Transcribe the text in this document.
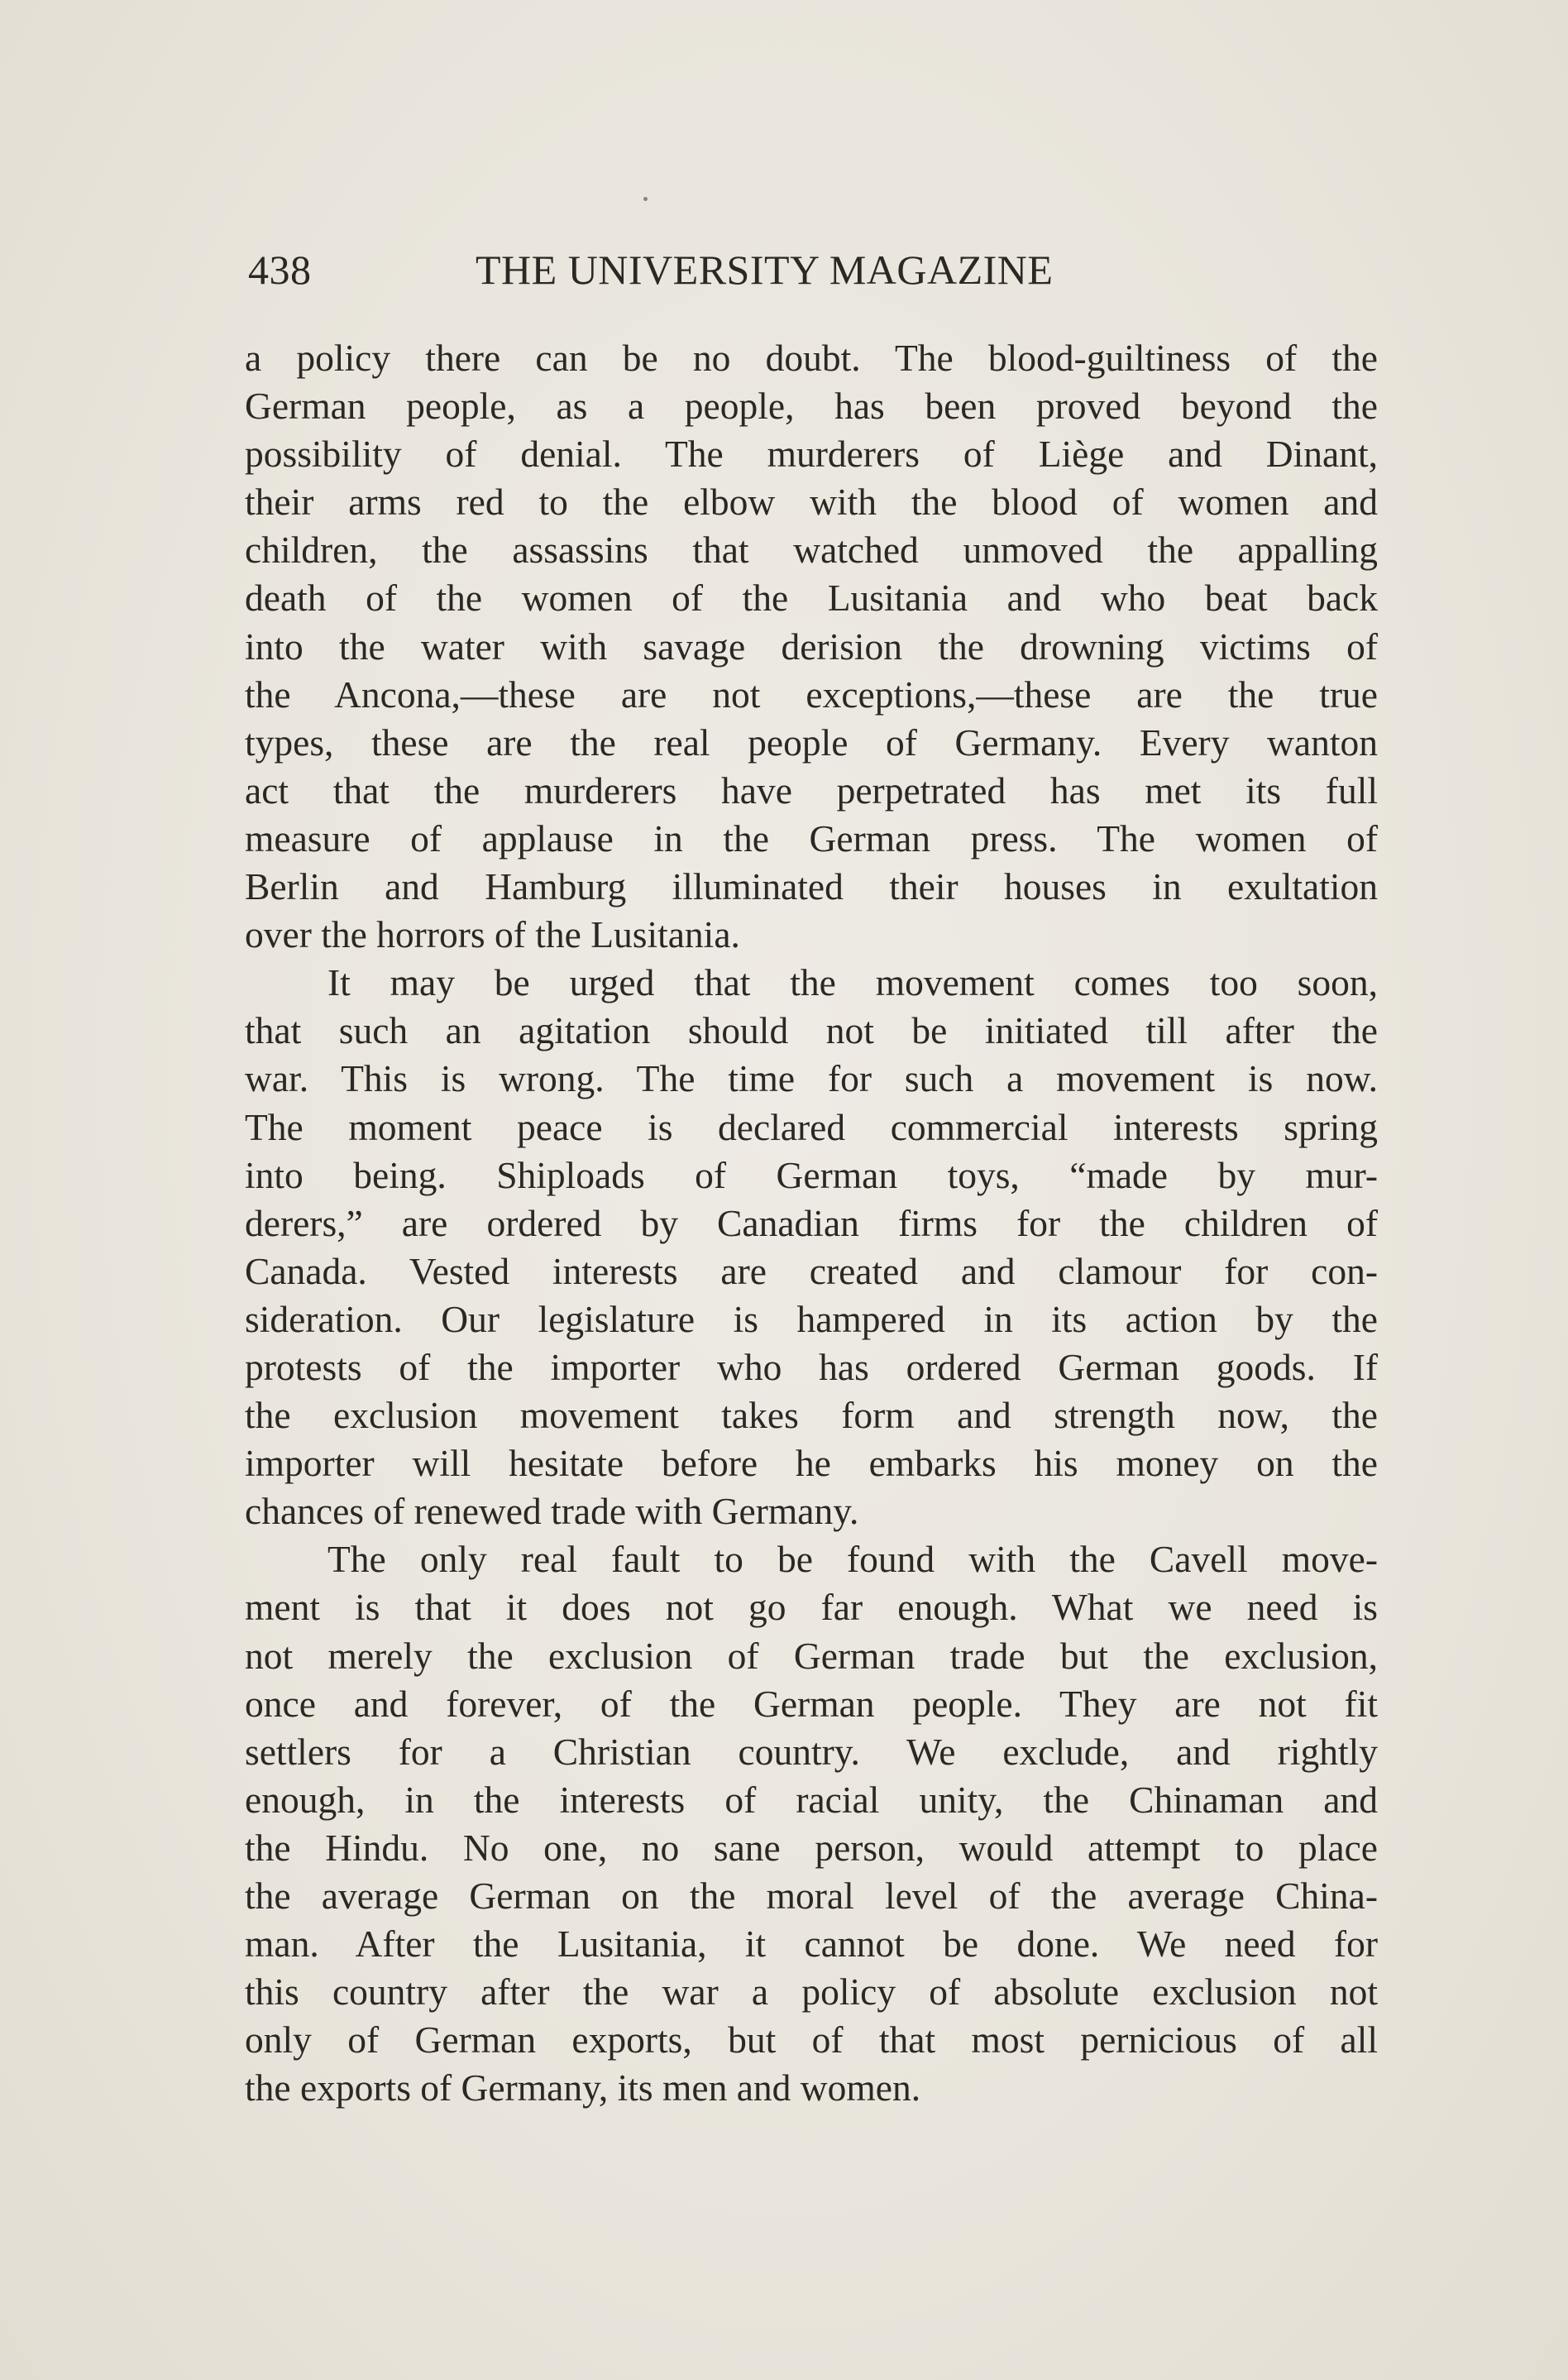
438	THE UNIVERSITY MAGAZINE
a policy there can be no doubt. The blood-guiltiness of the
German people, as a people, has been proved beyond the
possibility of denial. The murderers of Liège and Dinant,
their arms red to the elbow with the blood of women and
children, the assassins that watched unmoved the appalling
death of the women of the Lusitania and who beat back
into the water with savage derision the drowning victims of
the Ancona,—these are not exceptions,—these are the true
types, these are the real people of Germany. Every wanton
act that the murderers have perpetrated has met its full
measure of applause in the German press. The women of
Berlin and Hamburg illuminated their houses in exultation
over the horrors of the Lusitania.
It may be urged that the movement comes too soon,
that such an agitation should not be initiated till after the
war. This is wrong. The time for such a movement is now.
The moment peace is declared commercial interests spring
into being. Shiploads of German toys, “made by mur-
derers,” are ordered by Canadian firms for the children of
Canada. Vested interests are created and clamour for con-
sideration. Our legislature is hampered in its action by the
protests of the importer who has ordered German goods. If
the exclusion movement takes form and strength now, the
importer will hesitate before he embarks his money on the
chances of renewed trade with Germany.
The only real fault to be found with the Cavell move-
ment is that it does not go far enough. What we need is
not merely the exclusion of German trade but the exclusion,
once and forever, of the German people. They are not fit
settlers for a Christian country. We exclude, and rightly
enough, in the interests of racial unity, the Chinaman and
the Hindu. No one, no sane person, would attempt to place
the average German on the moral level of the average China-
man. After the Lusitania, it cannot be done. We need for
this country after the war a policy of absolute exclusion not
only of German exports, but of that most pernicious of all
the exports of Germany, its men and women.
